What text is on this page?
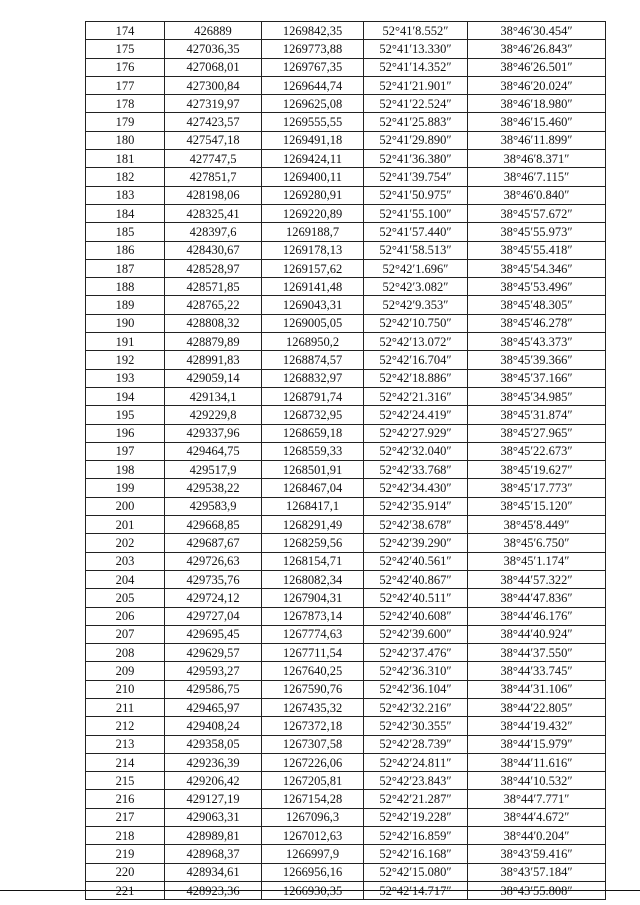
174	426889	1269842,35	52°41′8.552″	38°46′30.454″
175	427036,35	1269773,88	52°41′13.330″	38°46′26.843″
176	427068,01	1269767,35	52°41′14.352″	38°46′26.501″
177	427300,84	1269644,74	52°41′21.901″	38°46′20.024″
178	427319,97	1269625,08	52°41′22.524″	38°46′18.980″
179	427423,57	1269555,55	52°41′25.883″	38°46′15.460″
180	427547,18	1269491,18	52°41′29.890″	38°46′11.899″
181	427747,5	1269424,11	52°41′36.380″	38°46′8.371″
182	427851,7	1269400,11	52°41′39.754″	38°46′7.115″
183	428198,06	1269280,91	52°41′50.975″	38°46′0.840″
184	428325,41	1269220,89	52°41′55.100″	38°45′57.672″
185	428397,6	1269188,7	52°41′57.440″	38°45′55.973″
186	428430,67	1269178,13	52°41′58.513″	38°45′55.418″
187	428528,97	1269157,62	52°42′1.696″	38°45′54.346″
188	428571,85	1269141,48	52°42′3.082″	38°45′53.496″
189	428765,22	1269043,31	52°42′9.353″	38°45′48.305″
190	428808,32	1269005,05	52°42′10.750″	38°45′46.278″
191	428879,89	1268950,2	52°42′13.072″	38°45′43.373″
192	428991,83	1268874,57	52°42′16.704″	38°45′39.366″
193	429059,14	1268832,97	52°42′18.886″	38°45′37.166″
194	429134,1	1268791,74	52°42′21.316″	38°45′34.985″
195	429229,8	1268732,95	52°42′24.419″	38°45′31.874″
196	429337,96	1268659,18	52°42′27.929″	38°45′27.965″
197	429464,75	1268559,33	52°42′32.040″	38°45′22.673″
198	429517,9	1268501,91	52°42′33.768″	38°45′19.627″
199	429538,22	1268467,04	52°42′34.430″	38°45′17.773″
200	429583,9	1268417,1	52°42′35.914″	38°45′15.120″
201	429668,85	1268291,49	52°42′38.678″	38°45′8.449″
202	429687,67	1268259,56	52°42′39.290″	38°45′6.750″
203	429726,63	1268154,71	52°42′40.561″	38°45′1.174″
204	429735,76	1268082,34	52°42′40.867″	38°44′57.322″
205	429724,12	1267904,31	52°42′40.511″	38°44′47.836″
206	429727,04	1267873,14	52°42′40.608″	38°44′46.176″
207	429695,45	1267774,63	52°42′39.600″	38°44′40.924″
208	429629,57	1267711,54	52°42′37.476″	38°44′37.550″
209	429593,27	1267640,25	52°42′36.310″	38°44′33.745″
210	429586,75	1267590,76	52°42′36.104″	38°44′31.106″
211	429465,97	1267435,32	52°42′32.216″	38°44′22.805″
212	429408,24	1267372,18	52°42′30.355″	38°44′19.432″
213	429358,05	1267307,58	52°42′28.739″	38°44′15.979″
214	429236,39	1267226,06	52°42′24.811″	38°44′11.616″
215	429206,42	1267205,81	52°42′23.843″	38°44′10.532″
216	429127,19	1267154,28	52°42′21.287″	38°44′7.771″
217	429063,31	1267096,3	52°42′19.228″	38°44′4.672″
218	428989,81	1267012,63	52°42′16.859″	38°44′0.204″
219	428968,37	1266997,9	52°42′16.168″	38°43′59.416″
220	428934,61	1266956,16	52°42′15.080″	38°43′57.184″
221	428923,36	1266930,35	52°42′14.717″	38°43′55.808″
